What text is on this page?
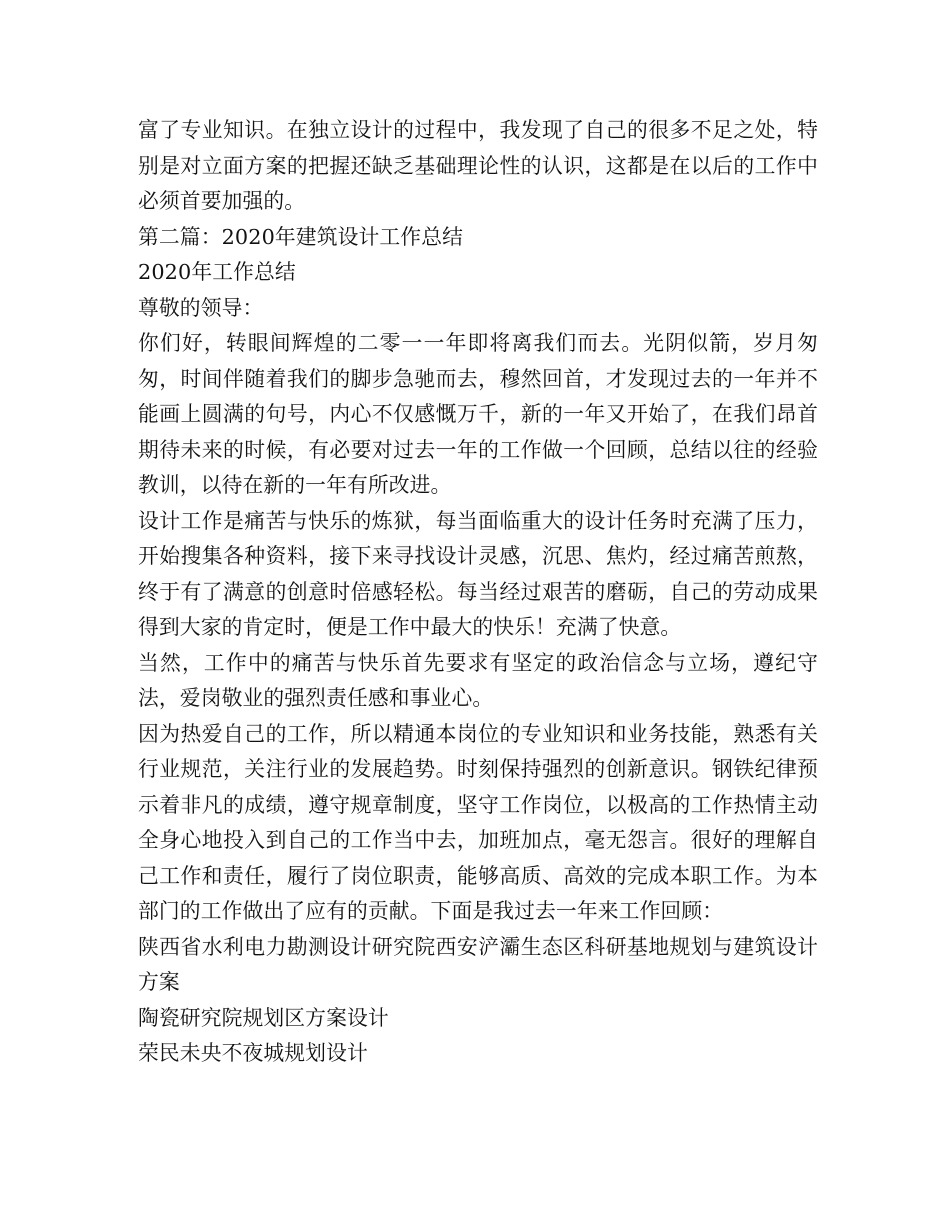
富了专业知识。在独立设计的过程中，我发现了自己的很多不足之处，特别是对立面方案的把握还缺乏基础理论性的认识，这都是在以后的工作中必须首要加强的。

第二篇：2020年建筑设计工作总结

2020年工作总结

尊敬的领导：

你们好，转眼间辉煌的二零一一年即将离我们而去。光阴似箭，岁月匆匆，时间伴随着我们的脚步急驰而去，穆然回首，才发现过去的一年并不能画上圆满的句号，内心不仅感慨万千，新的一年又开始了，在我们昂首期待未来的时候，有必要对过去一年的工作做一个回顾，总结以往的经验教训，以待在新的一年有所改进。

设计工作是痛苦与快乐的炼狱，每当面临重大的设计任务时充满了压力，开始搜集各种资料，接下来寻找设计灵感，沉思、焦灼，经过痛苦煎熬，终于有了满意的创意时倍感轻松。每当经过艰苦的磨砺，自己的劳动成果得到大家的肯定时，便是工作中最大的快乐！充满了快意。

当然，工作中的痛苦与快乐首先要求有坚定的政治信念与立场，遵纪守法，爱岗敬业的强烈责任感和事业心。

因为热爱自己的工作，所以精通本岗位的专业知识和业务技能，熟悉有关行业规范，关注行业的发展趋势。时刻保持强烈的创新意识。钢铁纪律预示着非凡的成绩，遵守规章制度，坚守工作岗位，以极高的工作热情主动全身心地投入到自己的工作当中去，加班加点，毫无怨言。很好的理解自己工作和责任，履行了岗位职责，能够高质、高效的完成本职工作。为本部门的工作做出了应有的贡献。下面是我过去一年来工作回顾：

陕西省水利电力勘测设计研究院西安浐灞生态区科研基地规划与建筑设计方案

陶瓷研究院规划区方案设计

荣民未央不夜城规划设计
